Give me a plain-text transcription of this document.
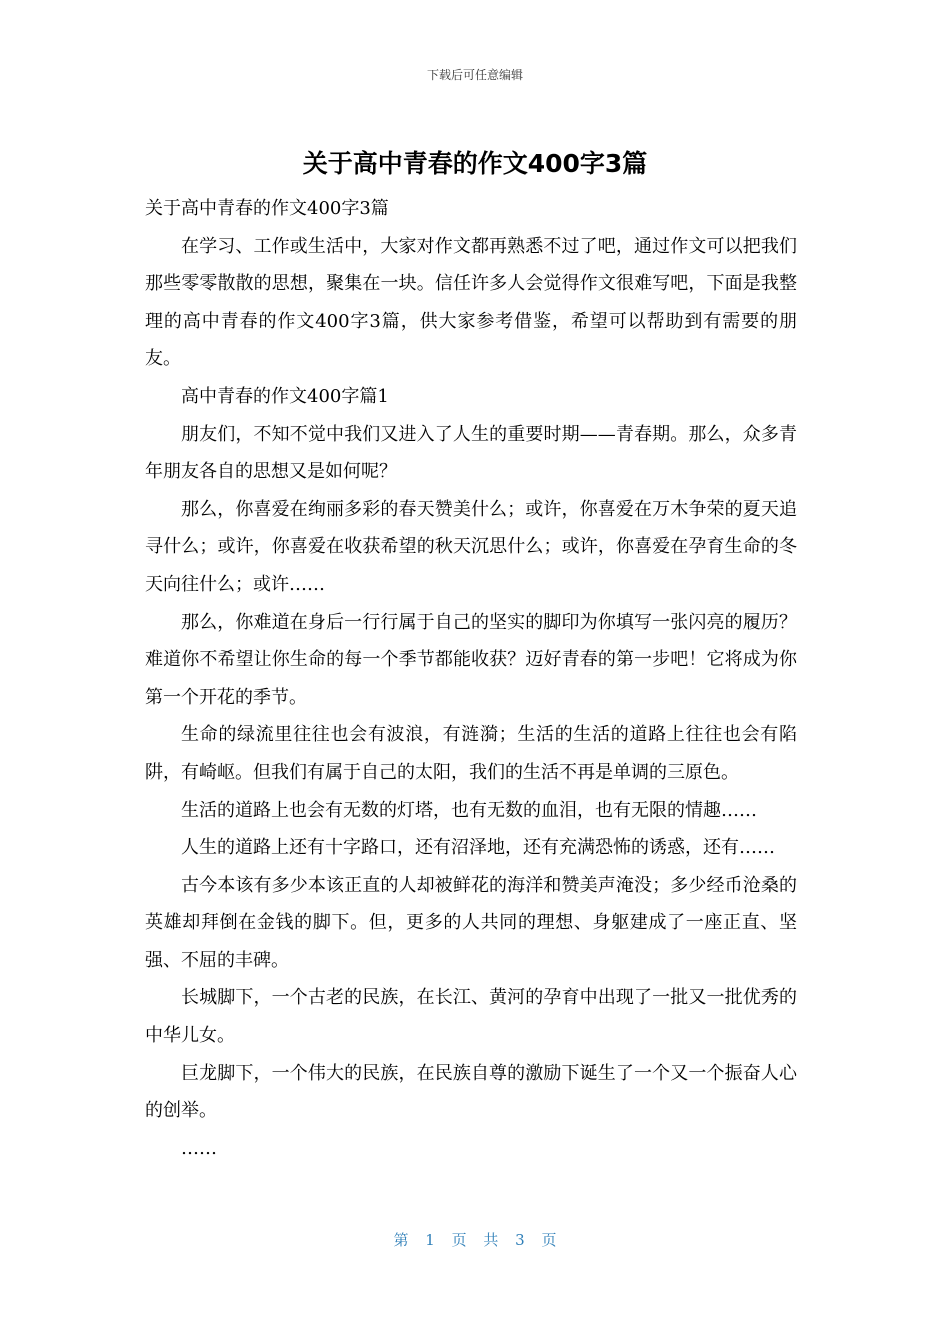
下载后可任意编辑
关于高中青春的作文400字3篇

关于高中青春的作文400字3篇

在学习、工作或生活中，大家对作文都再熟悉不过了吧，通过作文可以把我们那些零零散散的思想，聚集在一块。信任许多人会觉得作文很难写吧，下面是我整理的高中青春的作文400字3篇，供大家参考借鉴，希望可以帮助到有需要的朋友。

高中青春的作文400字篇1

朋友们，不知不觉中我们又进入了人生的重要时期——青春期。那么，众多青年朋友各自的思想又是如何呢？

那么，你喜爱在绚丽多彩的春天赞美什么；或许，你喜爱在万木争荣的夏天追寻什么；或许，你喜爱在收获希望的秋天沉思什么；或许，你喜爱在孕育生命的冬天向往什么；或许……

那么，你难道在身后一行行属于自己的坚实的脚印为你填写一张闪亮的履历？难道你不希望让你生命的每一个季节都能收获？迈好青春的第一步吧！它将成为你第一个开花的季节。

生命的绿流里往往也会有波浪，有涟漪；生活的生活的道路上往往也会有陷阱，有崎岖。但我们有属于自己的太阳，我们的生活不再是单调的三原色。

生活的道路上也会有无数的灯塔，也有无数的血泪，也有无限的情趣……

人生的道路上还有十字路口，还有沼泽地，还有充满恐怖的诱惑，还有……

古今本该有多少本该正直的人却被鲜花的海洋和赞美声淹没；多少经币沧桑的英雄却拜倒在金钱的脚下。但，更多的人共同的理想、身躯建成了一座正直、坚强、不屈的丰碑。

长城脚下，一个古老的民族，在长江、黄河的孕育中出现了一批又一批优秀的中华儿女。

巨龙脚下，一个伟大的民族，在民族自尊的激励下诞生了一个又一个振奋人心的创举。

……

第 1 页 共 3 页
